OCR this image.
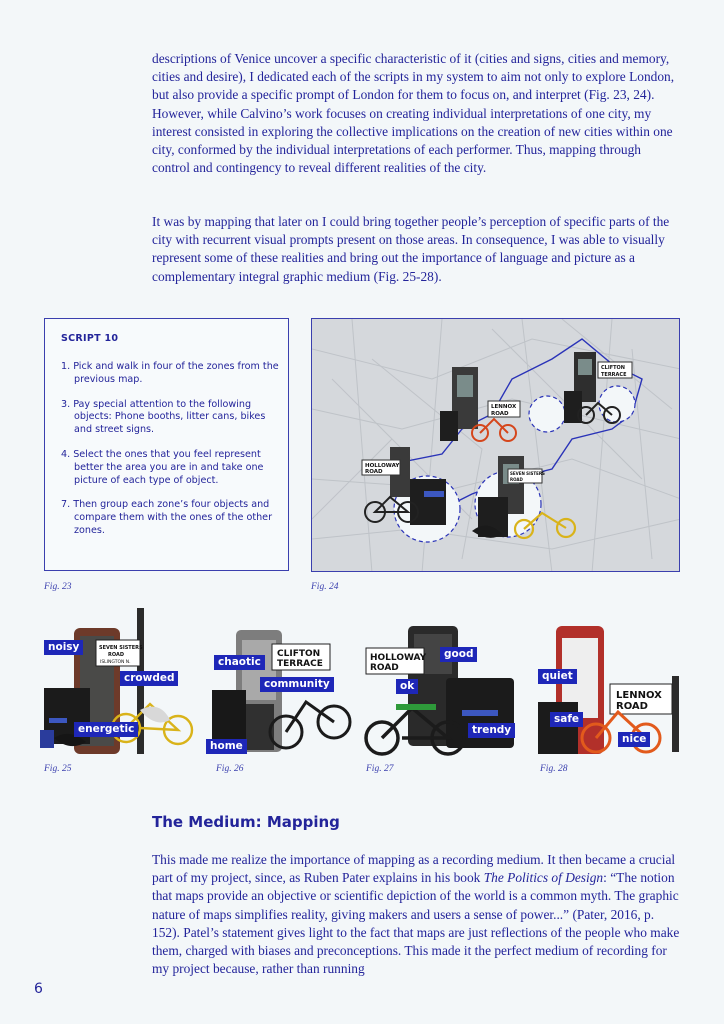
descriptions of Venice uncover a specific characteristic of it (cities and signs, cities and memory, cities and desire), I dedicated each of the scripts in my system to aim not only to explore London, but also provide a specific prompt of London for them to focus on, and interpret (Fig. 23, 24). However, while Calvino’s work focuses on creating individual interpretations of one city, my interest consisted in exploring the collective implications on the creation of new cities within one city, conformed by the individual interpretations of each performer. Thus, mapping through control and contingency to reveal different realities of the city.

It was by mapping that later on I could bring together people’s perception of specific parts of the city with recurrent visual prompts present on those areas. In consequence, I was able to visually represent some of these realities and bring out the importance of language and picture as a complementary integral graphic medium (Fig. 25-28).

SCRIPT 10
1. Pick and walk in four of the zones from the previous map.
3. Pay special attention to the following objects: Phone booths, litter cans, bikes and street signs.
4. Select the ones that you feel represent better the area you are in and take one picture of each type of object.
7. Then group each zone’s four objects and compare them with the ones of the other zones.
HOLLOWAY
ROAD
LENNOX
ROAD
CLIFTON
TERRACE
SEVEN SISTERS
ROAD
Fig. 23	Fig. 24
SEVEN SISTERS
ROAD
ISLINGTON N.
noisy
crowded
energetic
CLIFTON
TERRACE
chaotic
community
home
HOLLOWAY
ROAD
good
ok
trendy
LENNOX
ROAD
quiet
safe
nice
Fig. 25	Fig. 26	Fig. 27	Fig. 28
The Medium: Mapping

This made me realize the importance of mapping as a recording medium. It then became a crucial part of my project, since, as Ruben Pater explains in his book The Politics of Design: “The notion that maps provide an objective or scientific depiction of the world is a common myth. The graphic nature of maps simplifies reality, giving makers and users a sense of power...” (Pater, 2016, p. 152). Patel’s statement gives light to the fact that maps are just reflections of the people who make them, charged with biases and preconceptions. This made it the perfect medium of recording for my project because, rather than running

6
